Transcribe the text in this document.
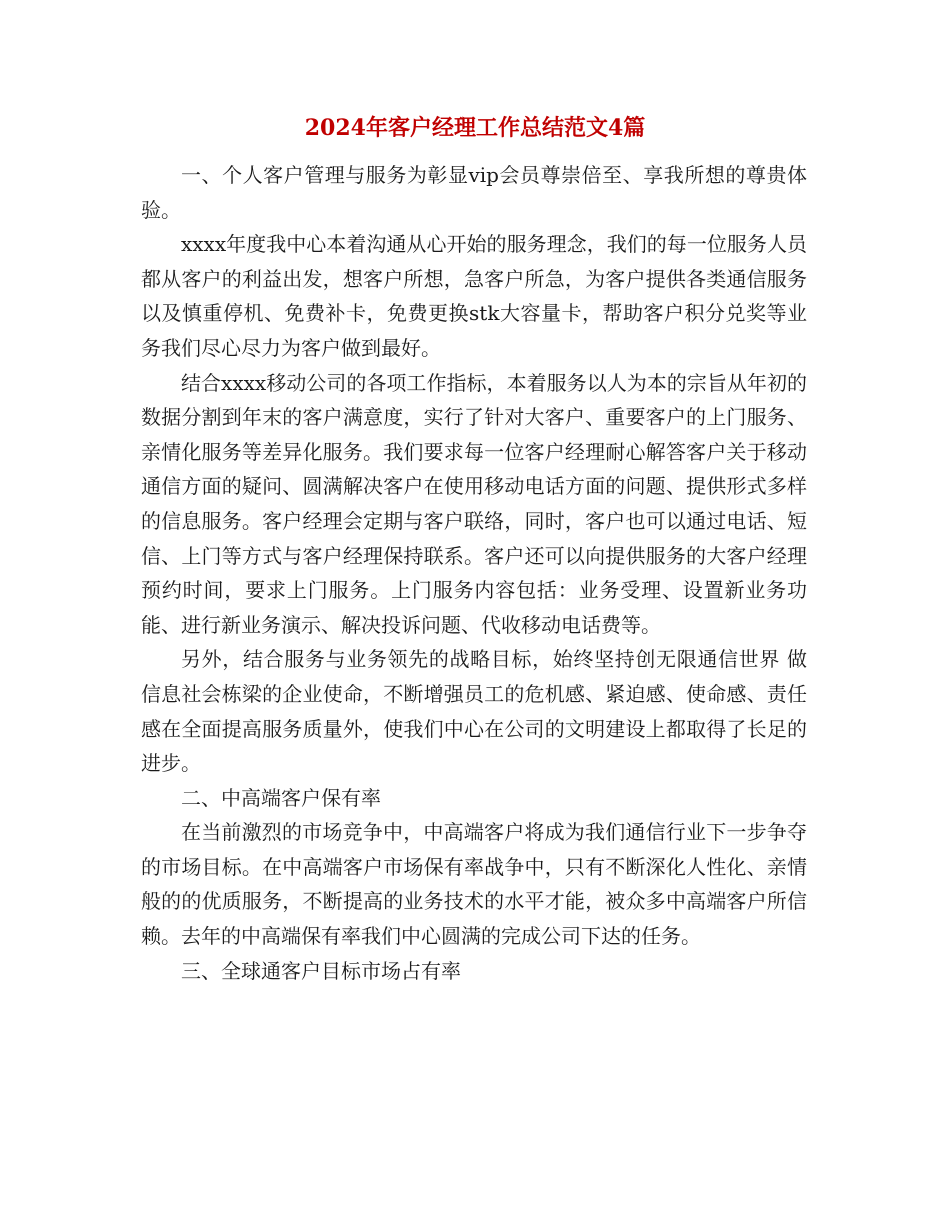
2024年客户经理工作总结范文4篇

一、个人客户管理与服务为彰显vip会员尊崇倍至、享我所想的尊贵体验。

xxxx年度我中心本着沟通从心开始的服务理念，我们的每一位服务人员都从客户的利益出发，想客户所想，急客户所急，为客户提供各类通信服务以及慎重停机、免费补卡，免费更换stk大容量卡，帮助客户积分兑奖等业务我们尽心尽力为客户做到最好。

结合xxxx移动公司的各项工作指标，本着服务以人为本的宗旨从年初的数据分割到年末的客户满意度，实行了针对大客户、重要客户的上门服务、亲情化服务等差异化服务。我们要求每一位客户经理耐心解答客户关于移动通信方面的疑问、圆满解决客户在使用移动电话方面的问题、提供形式多样的信息服务。客户经理会定期与客户联络，同时，客户也可以通过电话、短信、上门等方式与客户经理保持联系。客户还可以向提供服务的大客户经理预约时间，要求上门服务。上门服务内容包括：业务受理、设置新业务功能、进行新业务演示、解决投诉问题、代收移动电话费等。

另外，结合服务与业务领先的战略目标，始终坚持创无限通信世界 做信息社会栋梁的企业使命，不断增强员工的危机感、紧迫感、使命感、责任感在全面提高服务质量外，使我们中心在公司的文明建设上都取得了长足的进步。

二、中高端客户保有率

在当前激烈的市场竞争中，中高端客户将成为我们通信行业下一步争夺的市场目标。在中高端客户市场保有率战争中，只有不断深化人性化、亲情般的的优质服务，不断提高的业务技术的水平才能，被众多中高端客户所信赖。去年的中高端保有率我们中心圆满的完成公司下达的任务。

三、全球通客户目标市场占有率
